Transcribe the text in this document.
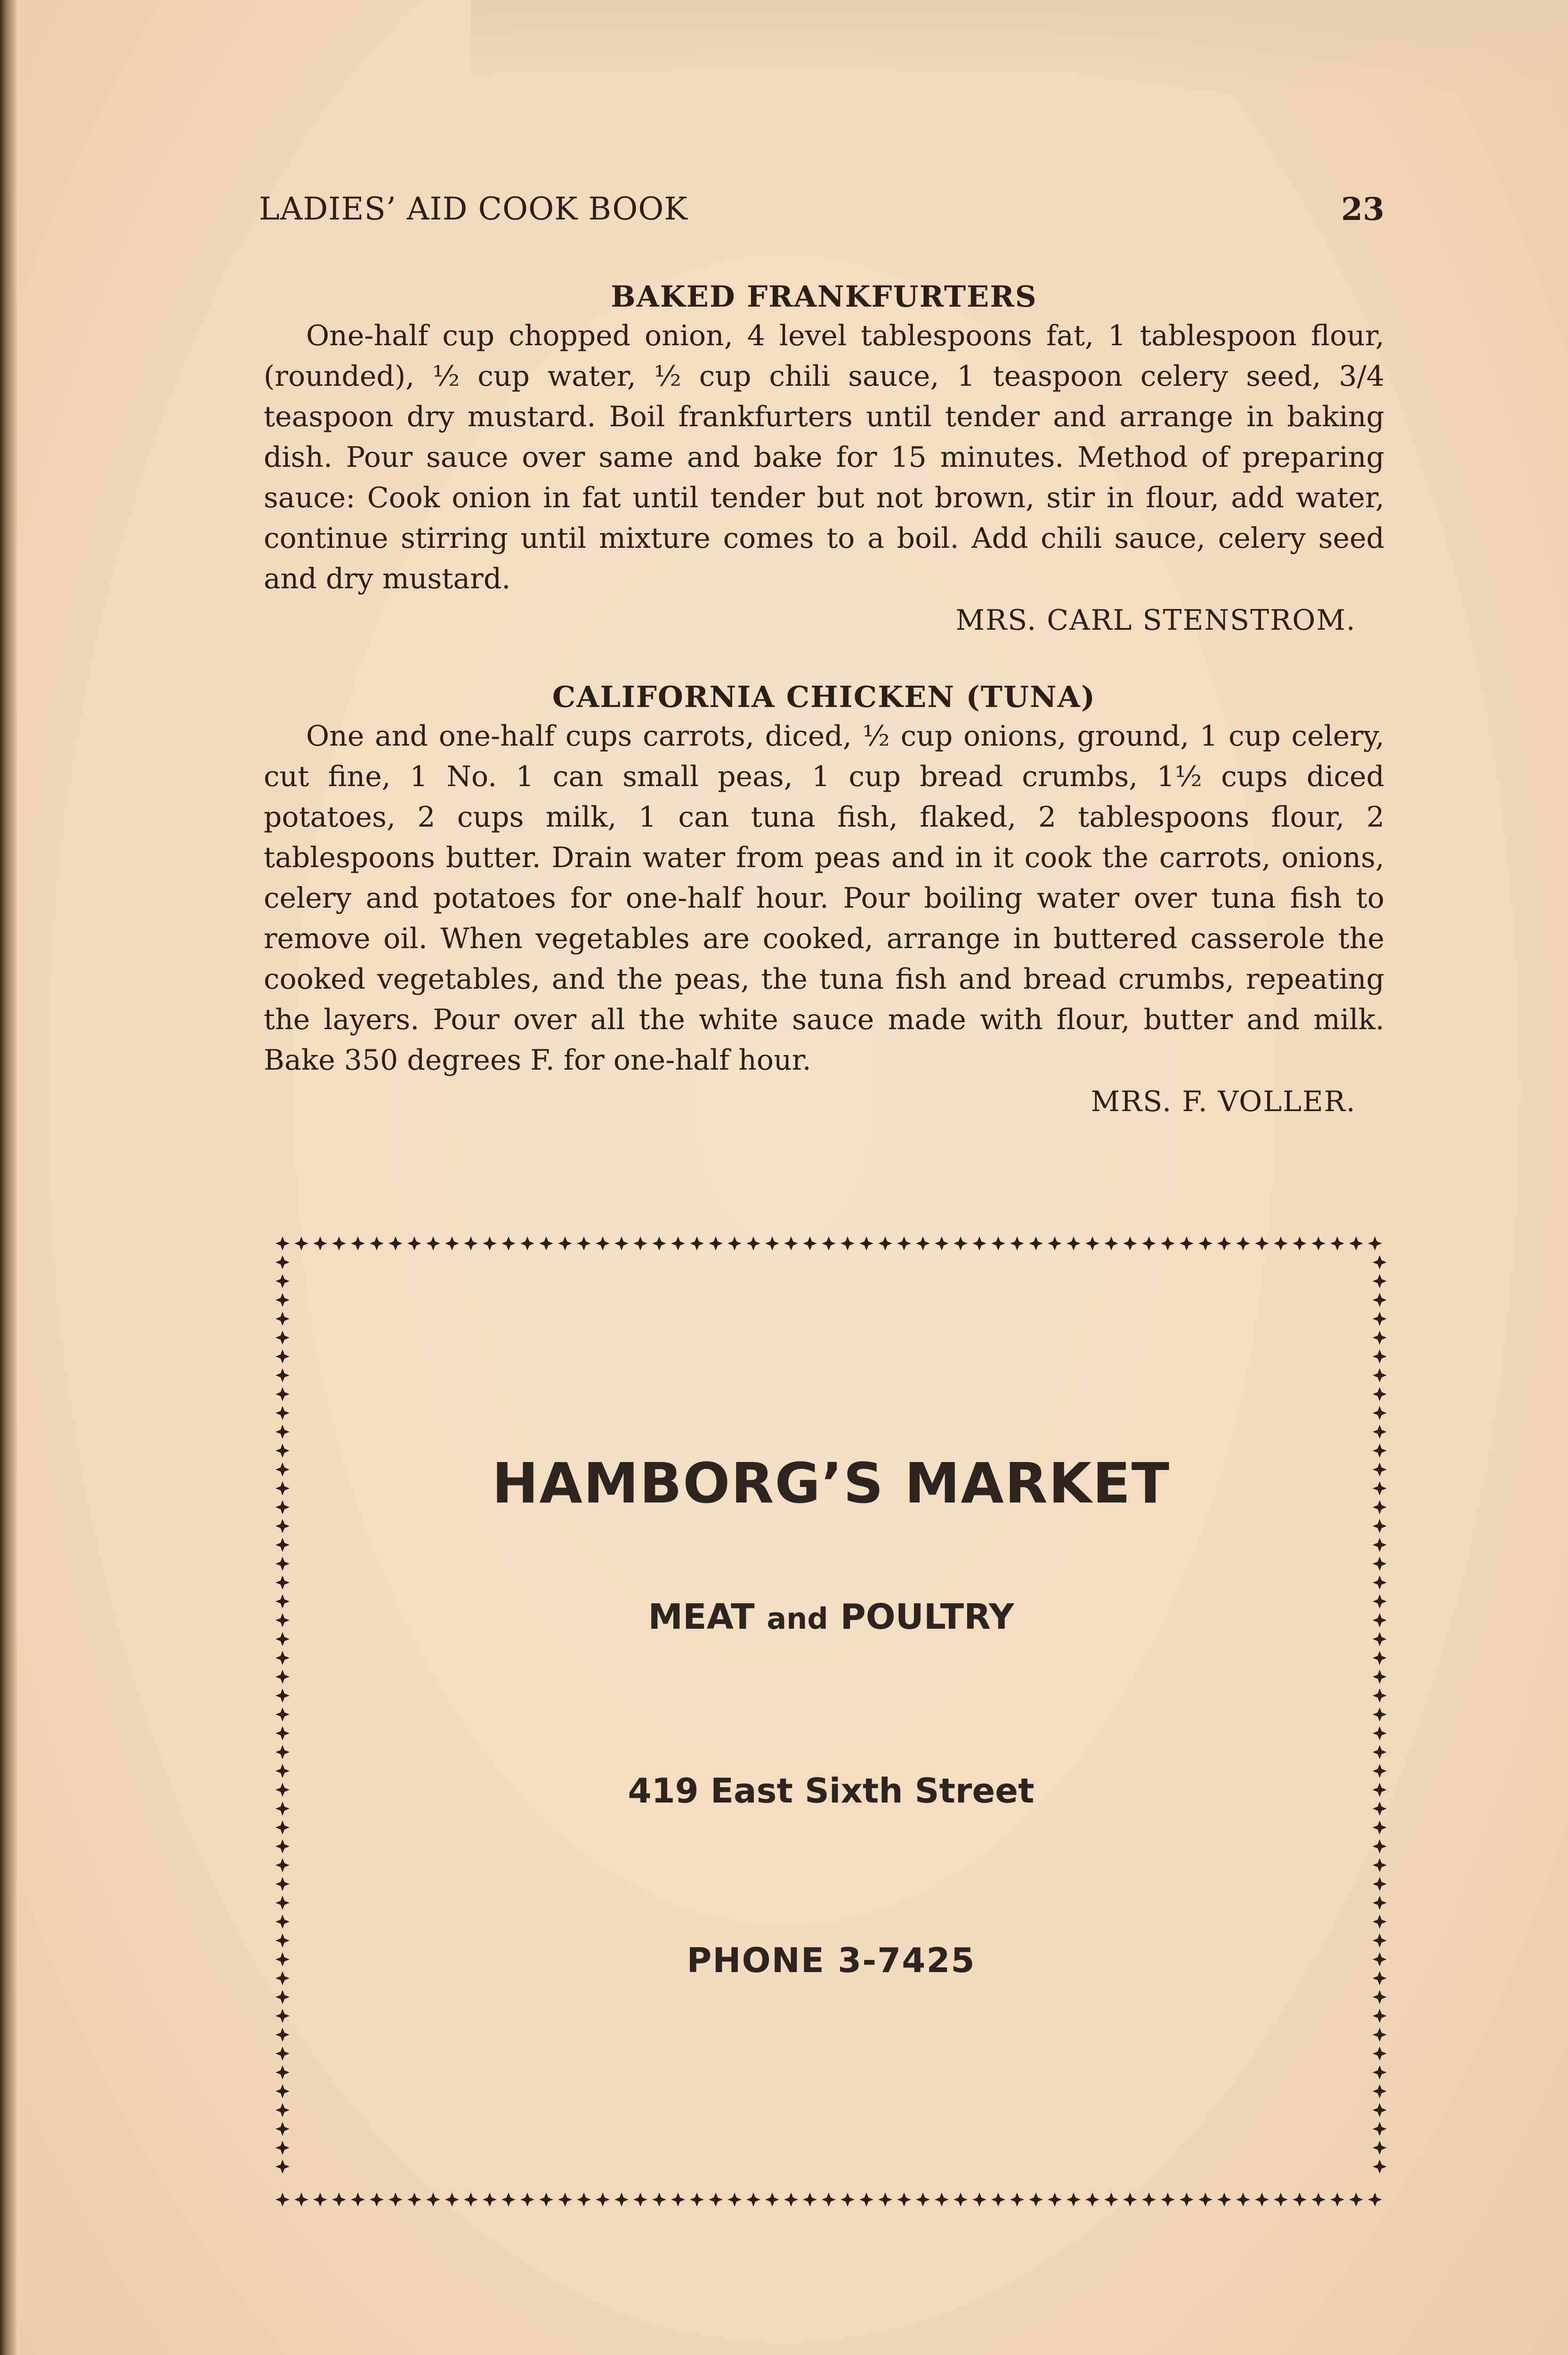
LADIES’ AID COOK BOOK	23

BAKED FRANKFURTERS

One-half cup chopped onion, 4 level tablespoons fat, 1 tablespoon flour, (rounded), ½ cup water, ½ cup chili sauce, 1 teaspoon celery seed, 3/4 teaspoon dry mustard. Boil frankfurters until tender and arrange in baking dish. Pour sauce over same and bake for 15 minutes. Method of preparing sauce: Cook onion in fat until tender but not brown, stir in flour, add water, continue stirring until mixture comes to a boil. Add chili sauce, celery seed and dry mustard.

MRS. CARL STENSTROM.

CALIFORNIA CHICKEN (TUNA)

One and one-half cups carrots, diced, ½ cup onions, ground, 1 cup celery, cut fine, 1 No. 1 can small peas, 1 cup bread crumbs, 1½ cups diced potatoes, 2 cups milk, 1 can tuna fish, flaked, 2 tablespoons flour, 2 tablespoons butter. Drain water from peas and in it cook the carrots, onions, celery and potatoes for one-half hour. Pour boiling water over tuna fish to remove oil. When vegetables are cooked, arrange in buttered casserole the cooked vegetables, and the peas, the tuna fish and bread crumbs, repeating the layers. Pour over all the white sauce made with flour, butter and milk. Bake 350 degrees F. for one-half hour.

MRS. F. VOLLER.

HAMBORG’S MARKET
MEAT and POULTRY
419 East Sixth Street
PHONE 3-7425
